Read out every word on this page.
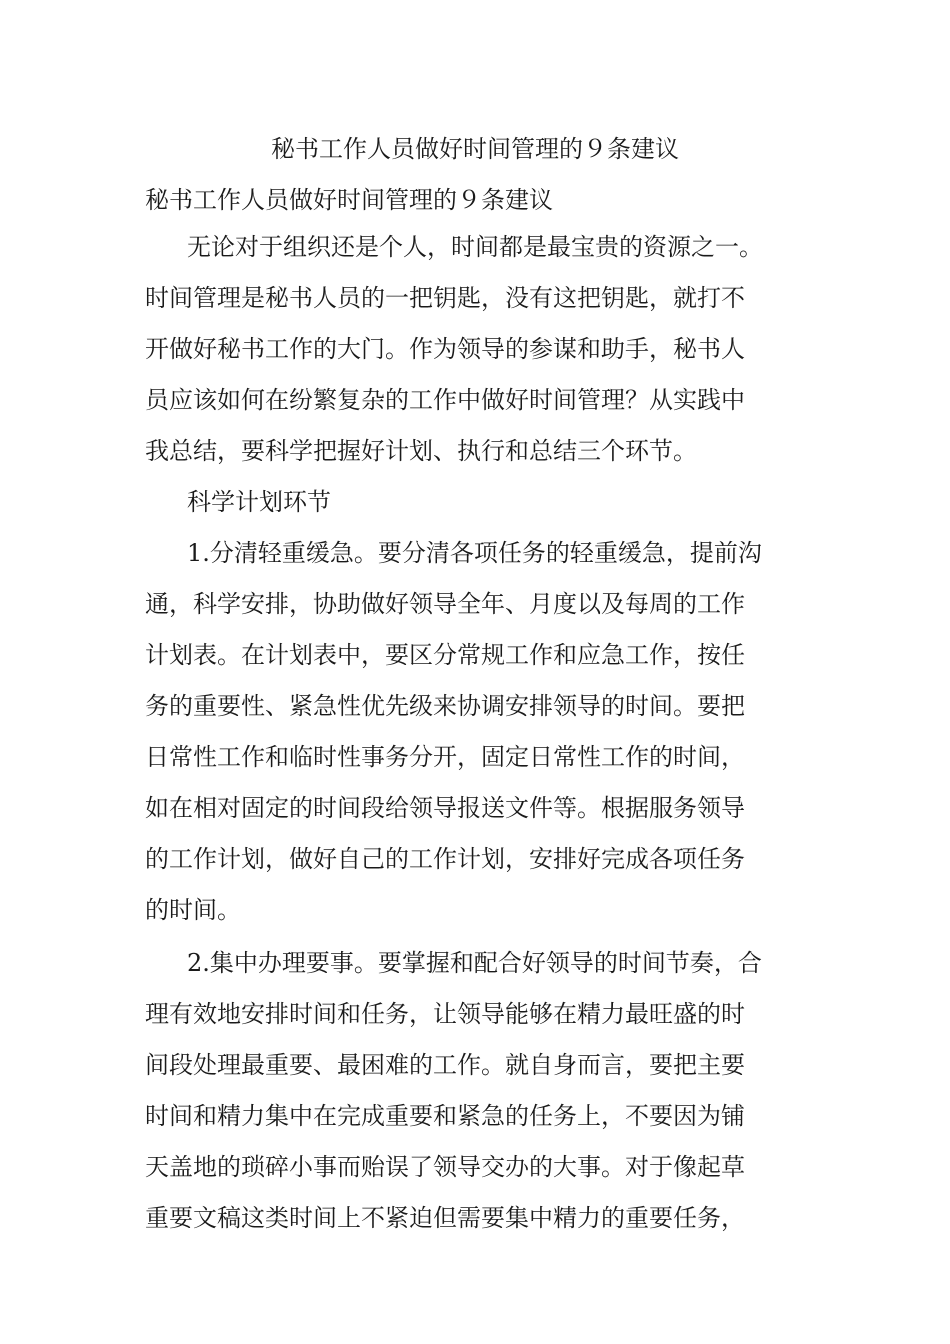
秘书工作人员做好时间管理的９条建议
秘书工作人员做好时间管理的９条建议
无论对于组织还是个人，时间都是最宝贵的资源之一。
时间管理是秘书人员的一把钥匙，没有这把钥匙，就打不
开做好秘书工作的大门。作为领导的参谋和助手，秘书人
员应该如何在纷繁复杂的工作中做好时间管理？从实践中
我总结，要科学把握好计划、执行和总结三个环节。
科学计划环节
1.分清轻重缓急。要分清各项任务的轻重缓急，提前沟
通，科学安排，协助做好领导全年、月度以及每周的工作
计划表。在计划表中，要区分常规工作和应急工作，按任
务的重要性、紧急性优先级来协调安排领导的时间。要把
日常性工作和临时性事务分开，固定日常性工作的时间，
如在相对固定的时间段给领导报送文件等。根据服务领导
的工作计划，做好自己的工作计划，安排好完成各项任务
的时间。
2.集中办理要事。要掌握和配合好领导的时间节奏，合
理有效地安排时间和任务，让领导能够在精力最旺盛的时
间段处理最重要、最困难的工作。就自身而言，要把主要
时间和精力集中在完成重要和紧急的任务上，不要因为铺
天盖地的琐碎小事而贻误了领导交办的大事。对于像起草
重要文稿这类时间上不紧迫但需要集中精力的重要任务，
